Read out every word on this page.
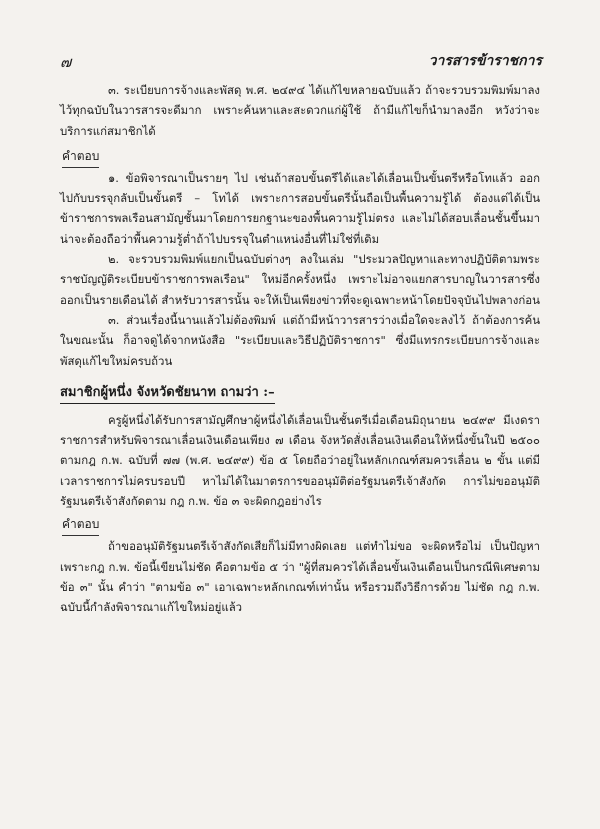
๗	วารสารข้าราชการ

๓. ระเบียบการจ้างและพัสดุ พ.ศ. ๒๔๙๔ ได้แก้ไขหลายฉบับแล้ว ถ้าจะรวบรวมพิมพ์มาลงไว้ทุกฉบับในวารสารจะดีมาก เพราะค้นหาและสะดวกแก่ผู้ใช้ ถ้ามีแก้ไขก็นำมาลงอีก หวังว่าจะบริการแก่สมาชิกได้

คำตอบ

๑. ข้อพิจารณาเป็นรายๆ ไป เช่นถ้าสอบขั้นตรีได้และได้เลื่อนเป็นขั้นตรีหรือโทแล้ว ออกไปกับบรรจุกลับเป็นขั้นตรี – โทได้ เพราะการสอบขั้นตรีนั้นถือเป็นพื้นความรู้ได้ ต้องแต่ได้เป็นข้าราชการพลเรือนสามัญชั้นมาโดยการยกฐานะของพื้นความรู้ไม่ตรง และไม่ได้สอบเลื่อนชั้นขึ้นมา น่าจะต้องถือว่าพื้นความรู้ต่ำถ้าไปบรรจุในตำแหน่งอื่นที่ไม่ใช่ที่เดิม

๒. จะรวบรวมพิมพ์แยกเป็นฉบับต่างๆ ลงในเล่ม "ประมวลปัญหาและทางปฏิบัติตามพระราชบัญญัติระเบียบข้าราชการพลเรือน" ใหม่อีกครั้งหนึ่ง เพราะไม่อาจแยกสารบาญในวารสารซึ่งออกเป็นรายเดือนได้ สำหรับวารสารนั้น จะให้เป็นเพียงข่าวที่จะดูเฉพาะหน้าโดยปัจจุบันไปพลางก่อน

๓. ส่วนเรื่องนี้นานแล้วไม่ต้องพิมพ์ แต่ถ้ามีหน้าวารสารว่างเมื่อใดจะลงไว้ ถ้าต้องการค้นในขณะนั้น ก็อาจดูได้จากหนังสือ "ระเบียบและวิธีปฏิบัติราชการ" ซึ่งมีแทรกระเบียบการจ้างและพัสดุแก้ไขใหม่ครบถ้วน

สมาชิกผู้หนึ่ง จังหวัดชัยนาท ถามว่า :–

ครูผู้หนึ่งได้รับการสามัญศึกษาผู้หนึ่งได้เลื่อนเป็นชั้นตรีเมื่อเดือนมิถุนายน ๒๔๙๙ มีเงดราราชการสำหรับพิจารณาเลื่อนเงินเดือนเพียง ๗ เดือน จังหวัดสั่งเลื่อนเงินเดือนให้หนึ่งขั้นในปี ๒๕๐๐ ตามกฎ ก.พ. ฉบับที่ ๗๗ (พ.ศ. ๒๔๙๙) ข้อ ๕ โดยถือว่าอยู่ในหลักเกณฑ์สมควรเลื่อน ๒ ขั้น แต่มีเวลาราชการไม่ครบรอบปี หาไม่ได้ในมาตรการขออนุมัติต่อรัฐมนตรีเจ้าสังกัด การไม่ขออนุมัติรัฐมนตรีเจ้าสังกัดตาม กฎ ก.พ. ข้อ ๓ จะผิดกฎอย่างไร

คำตอบ

ถ้าขออนุมัติรัฐมนตรีเจ้าสังกัดเสียก็ไม่มีทางผิดเลย แต่ทำไม่ขอ จะผิดหรือไม่ เป็นปัญหา เพราะกฎ ก.พ. ข้อนี้เขียนไม่ชัด คือตามข้อ ๕ ว่า "ผู้ที่สมควรได้เลื่อนขั้นเงินเดือนเป็นกรณีพิเศษตามข้อ ๓" นั้น คำว่า "ตามข้อ ๓" เอาเฉพาะหลักเกณฑ์เท่านั้น หรือรวมถึงวิธีการด้วย ไม่ชัด กฎ ก.พ. ฉบับนี้กำลังพิจารณาแก้ไขใหม่อยู่แล้ว
